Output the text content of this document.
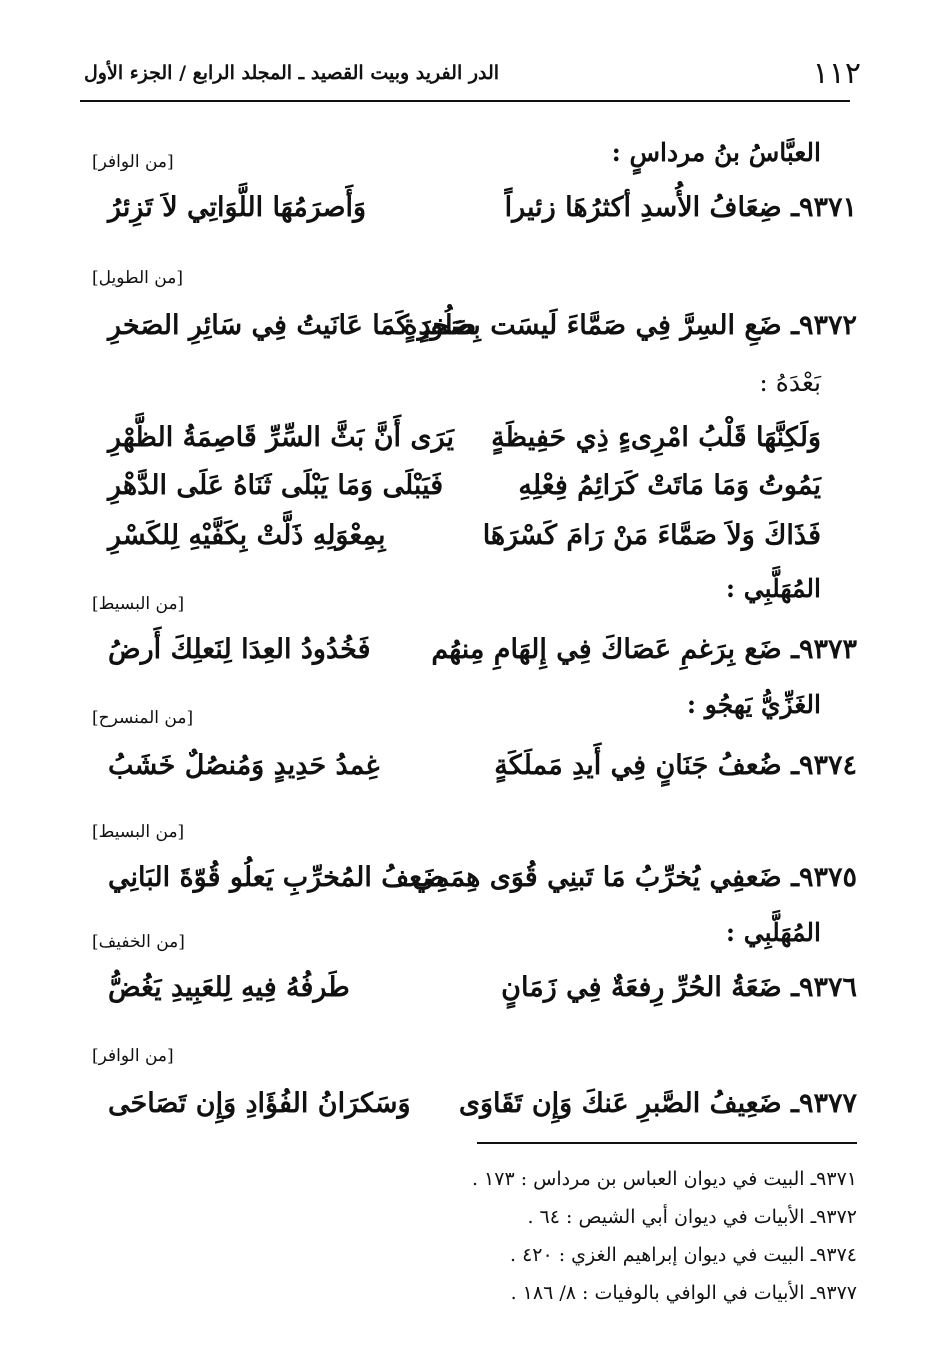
١١٢
الدر الفريد وبيت القصيد ـ المجلد الرابع / الجزء الأول
العبَّاسُ بنُ مرداسٍ :
[من الوافر]
٩٣٧١ـ ضِعَافُ الأُسدِ أكثرُهَا زئيراً
وَأَصرَمُهَا اللَّوَاتِي لاَ تَزِئرُ
[من الطويل]
٩٣٧٢ـ ضَعِ السِرَّ فِي صَمَّاءَ لَيسَت بِصَخرَةٍ
صَلُودٍ كَمَا عَانَيتُ فِي سَائِرِ الصَخرِ
بَعْدَهُ :
وَلَكِنَّهَا قَلْبُ امْرِىءٍ ذِي حَفِيظَةٍ
يَرَى أَنَّ بَثَّ السِّرِّ قَاصِمَةُ الظَّهْرِ
يَمُوتُ وَمَا مَاتَتْ كَرَائِمُ فِعْلِهِ
فَيَبْلَى وَمَا يَبْلَى ثَنَاهُ عَلَى الدَّهْرِ
فَذَاكَ وَلاَ صَمَّاءَ مَنْ رَامَ كَسْرَهَا
بِمِعْوَلِهِ ذَلَّتْ بِكَفَّيْهِ لِلكَسْرِ
المُهَلَّبِي :
[من البسيط]
٩٣٧٣ـ ضَع بِرَغمِ عَصَاكَ فِي إِلهَامِ مِنهُم
فَخُدُودُ العِدَا لِنَعلِكَ أَرضُ
الغَزِّيُّ يَهجُو :
[من المنسرح]
٩٣٧٤ـ ضُعفُ جَنَانٍ فِي أَيدِ مَملَكَةٍ
غِمدُ حَدِيدٍ وَمُنصُلٌ خَشَبُ
[من البسيط]
٩٣٧٥ـ ضَعفِي يُخرِّبُ مَا تَبنِي قُوَى هِمَمِي
ضَعفُ المُخرِّبِ يَعلُو قُوّةَ البَانِي
المُهَلَّبِي :
[من الخفيف]
٩٣٧٦ـ ضَعَةُ الحُرِّ رِفعَةٌ فِي زَمَانٍ
طَرفُهُ فِيهِ لِلعَبِيدِ يَغُضُّ
[من الوافر]
٩٣٧٧ـ ضَعِيفُ الصَّبرِ عَنكَ وَإِن تَقَاوَى
وَسَكرَانُ الفُؤَادِ وَإِن تَصَاحَى
٩٣٧١ـ البيت في ديوان العباس بن مرداس : ١٧٣ .
٩٣٧٢ـ الأبيات في ديوان أبي الشيص : ٦٤ .
٩٣٧٤ـ البيت في ديوان إبراهيم الغزي : ٤٢٠ .
٩٣٧٧ـ الأبيات في الوافي بالوفيات : ٨/ ١٨٦ .
